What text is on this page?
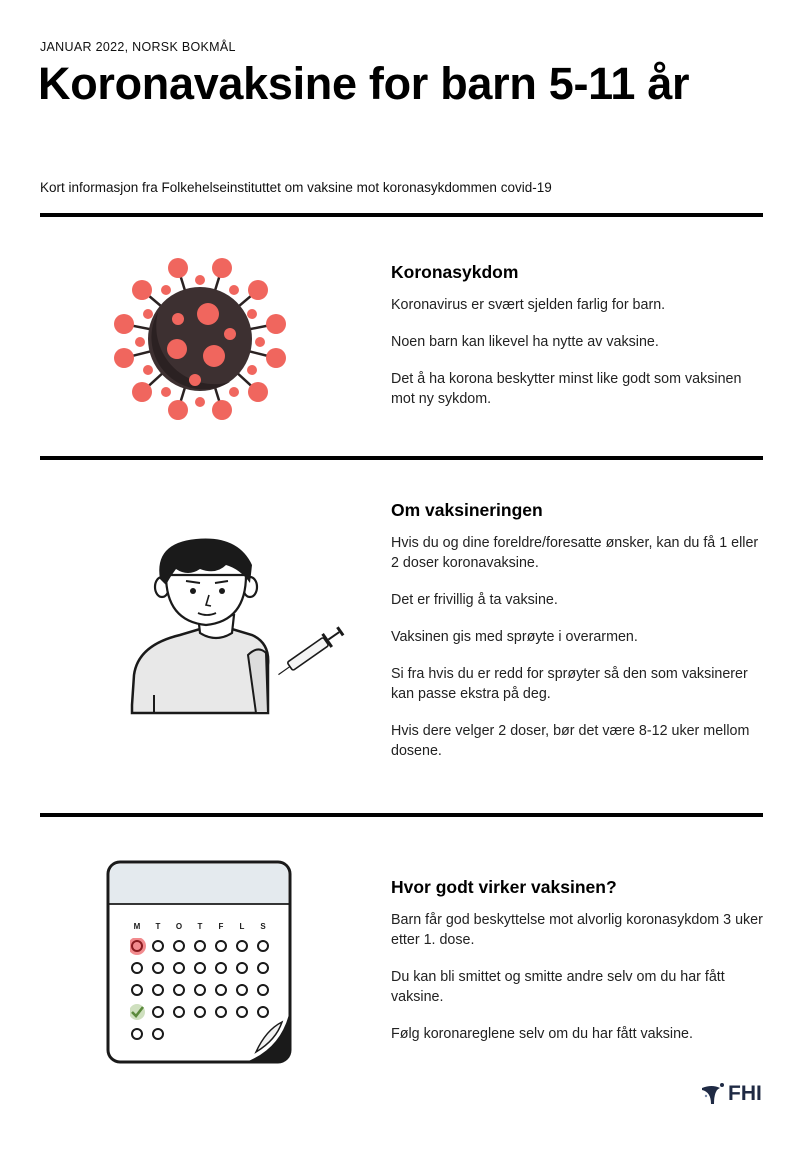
JANUAR 2022, NORSK BOKMÅL
Koronavaksine for barn 5-11 år
Kort informasjon fra Folkehelseinstituttet om vaksine mot koronasykdommen covid-19
Koronasykdom

Koronavirus er svært sjelden farlig for barn.

Noen barn kan likevel ha nytte av vaksine.

Det å ha korona beskytter minst like godt som vaksinen mot ny sykdom.

Om vaksineringen

Hvis du og dine foreldre/foresatte ønsker, kan du få 1 eller 2 doser koronavaksine.

Det er frivillig å ta vaksine.

Vaksinen gis med sprøyte i overarmen.

Si fra hvis du er redd for sprøyter så den som vaksinerer kan passe ekstra på deg.

Hvis dere velger 2 doser, bør det være 8-12 uker mellom dosene.

M	T	O	T	F	L	S
Hvor godt virker vaksinen?

Barn får god beskyttelse mot alvorlig koronasykdom 3 uker etter 1. dose.

Du kan bli smittet og smitte andre selv om du har fått vaksine.

Følg koronareglene selv om du har fått vaksine.

FHI
